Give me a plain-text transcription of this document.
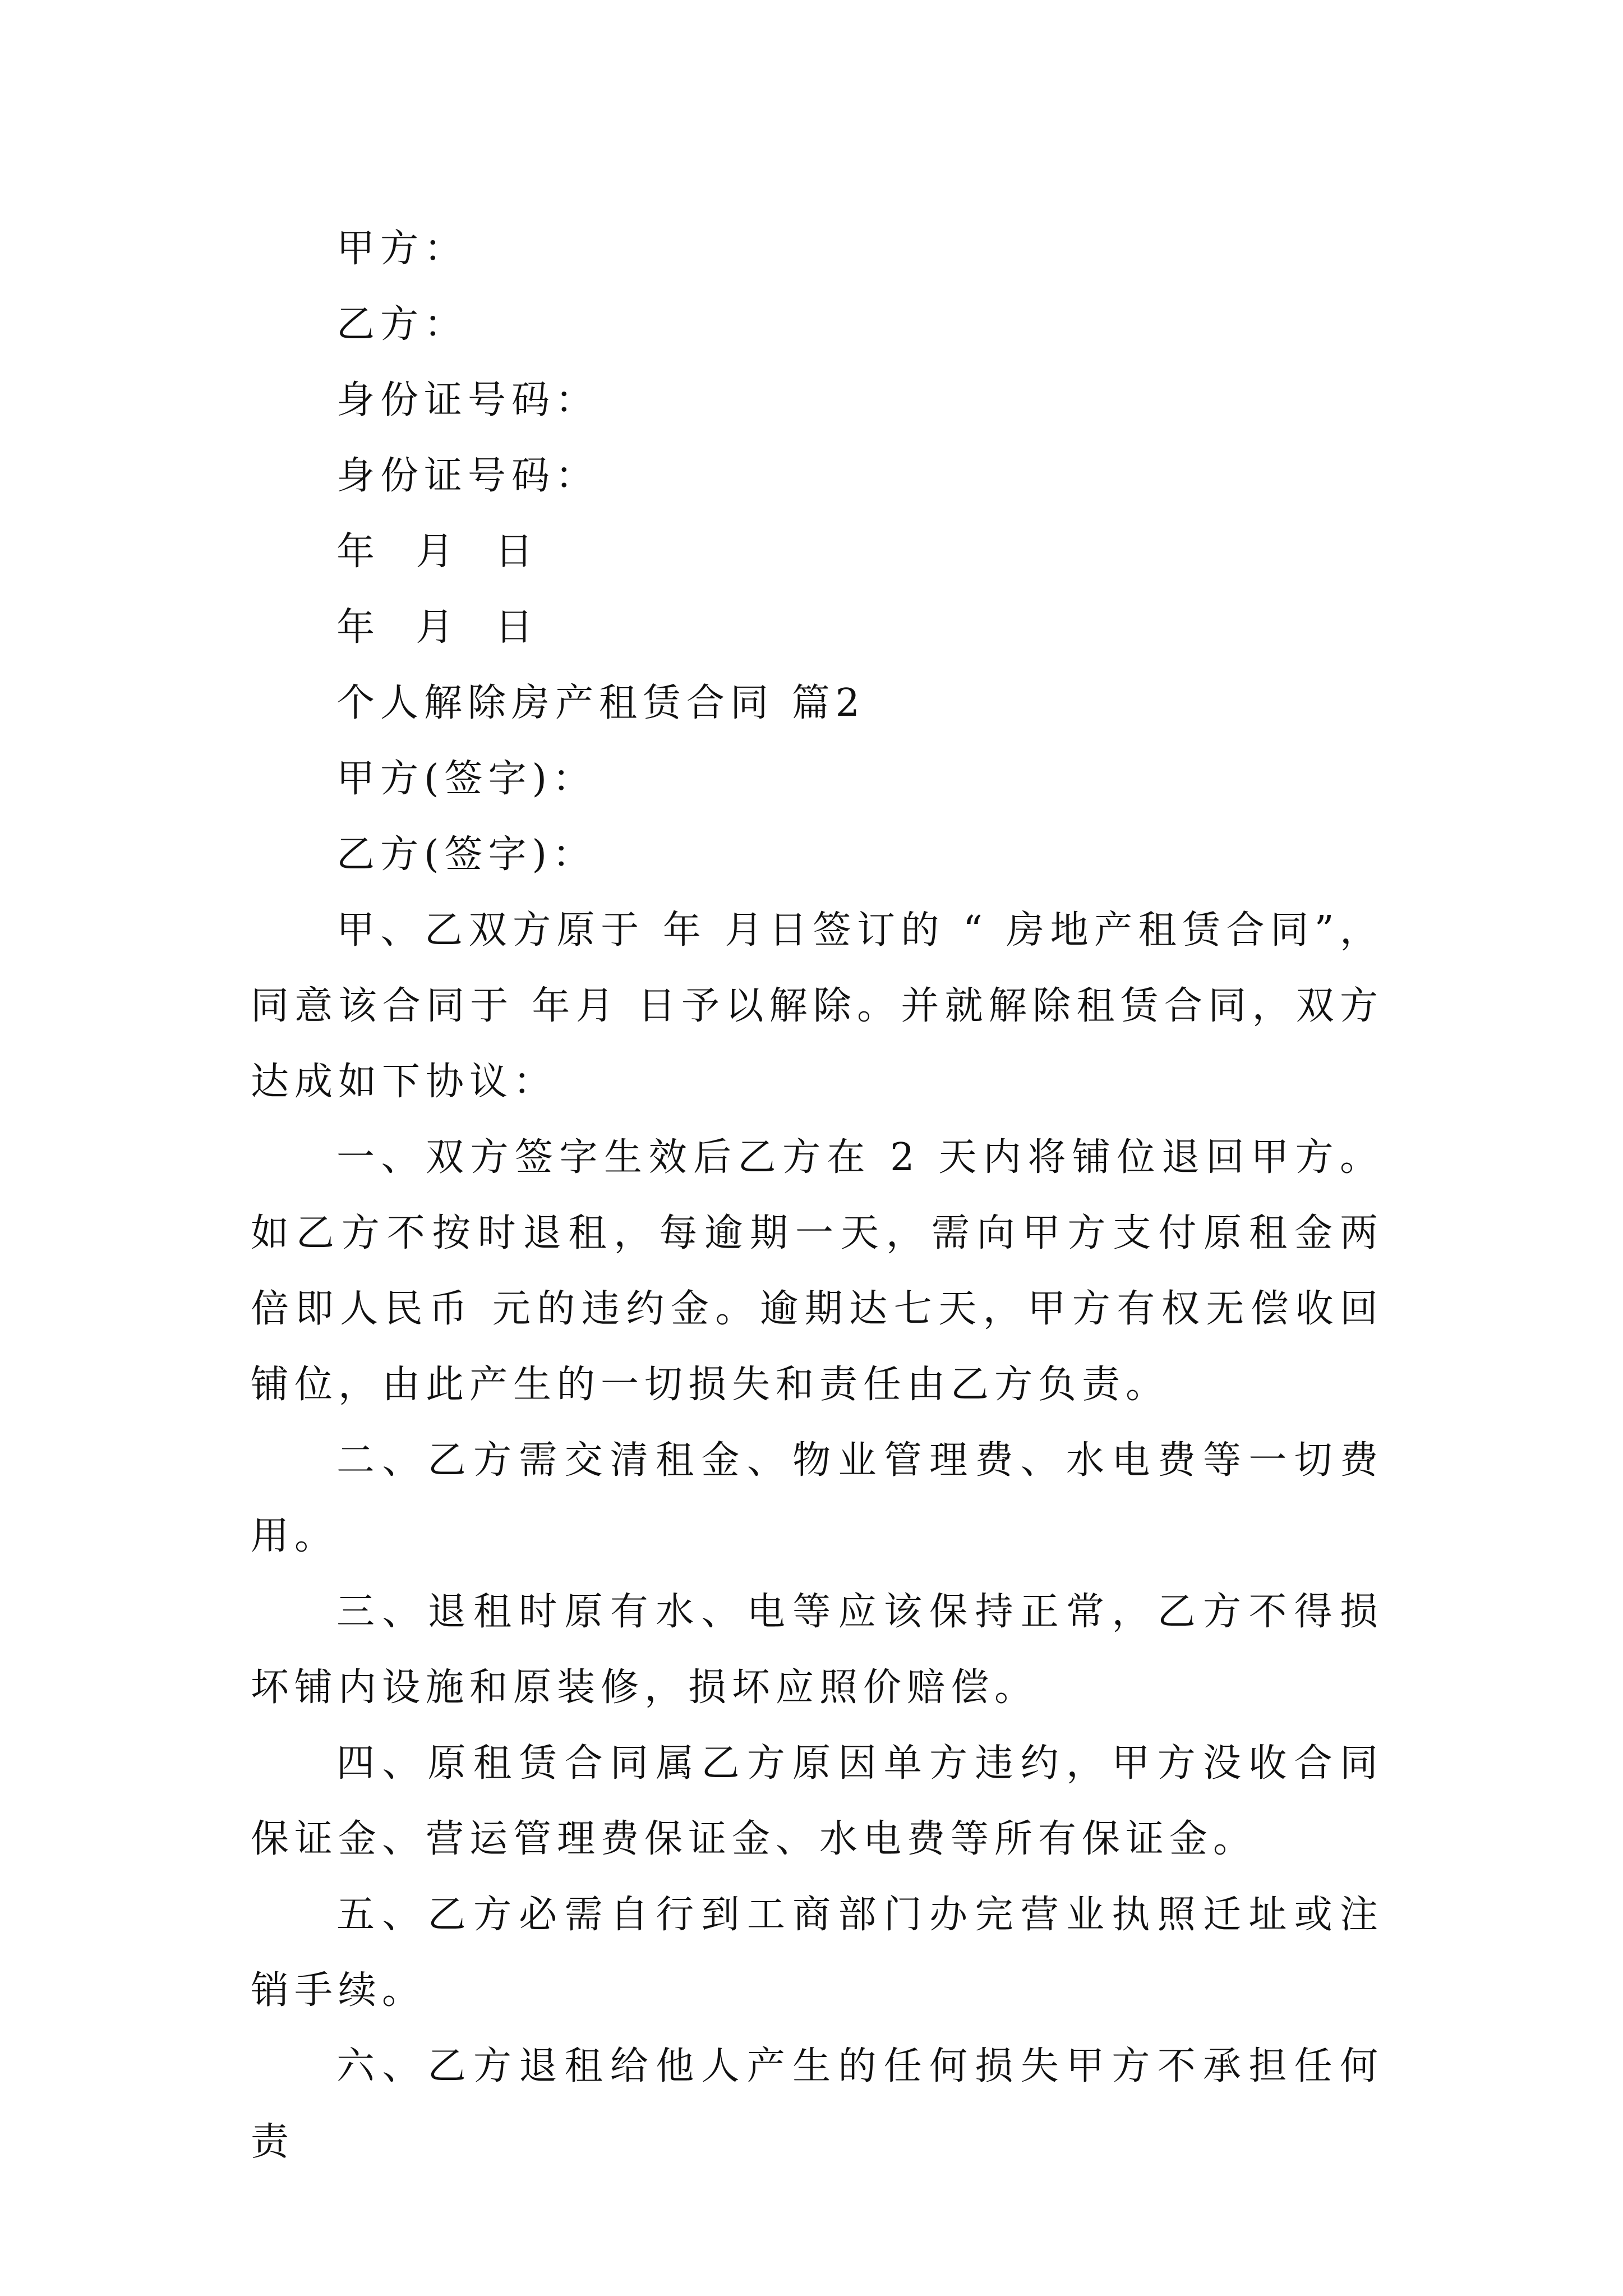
甲方：
乙方：
身份证号码：
身份证号码：
年  月  日
年  月  日
个人解除房产租赁合同 篇2
甲方(签字)：
乙方(签字)：

甲、乙双方原于 年 月日签订的 “ 房地产租赁合同”，同意该合同于 年月 日予以解除。并就解除租赁合同，双方达成如下协议：

一、双方签字生效后乙方在 2 天内将铺位退回甲方。如乙方不按时退租，每逾期一天，需向甲方支付原租金两倍即人民币 元的违约金。逾期达七天，甲方有权无偿收回铺位，由此产生的一切损失和责任由乙方负责。

二、乙方需交清租金、物业管理费、水电费等一切费用。

三、退租时原有水、电等应该保持正常，乙方不得损坏铺内设施和原装修，损坏应照价赔偿。

四、原租赁合同属乙方原因单方违约，甲方没收合同保证金、营运管理费保证金、水电费等所有保证金。

五、乙方必需自行到工商部门办完营业执照迁址或注销手续。

六、乙方退租给他人产生的任何损失甲方不承担任何责
